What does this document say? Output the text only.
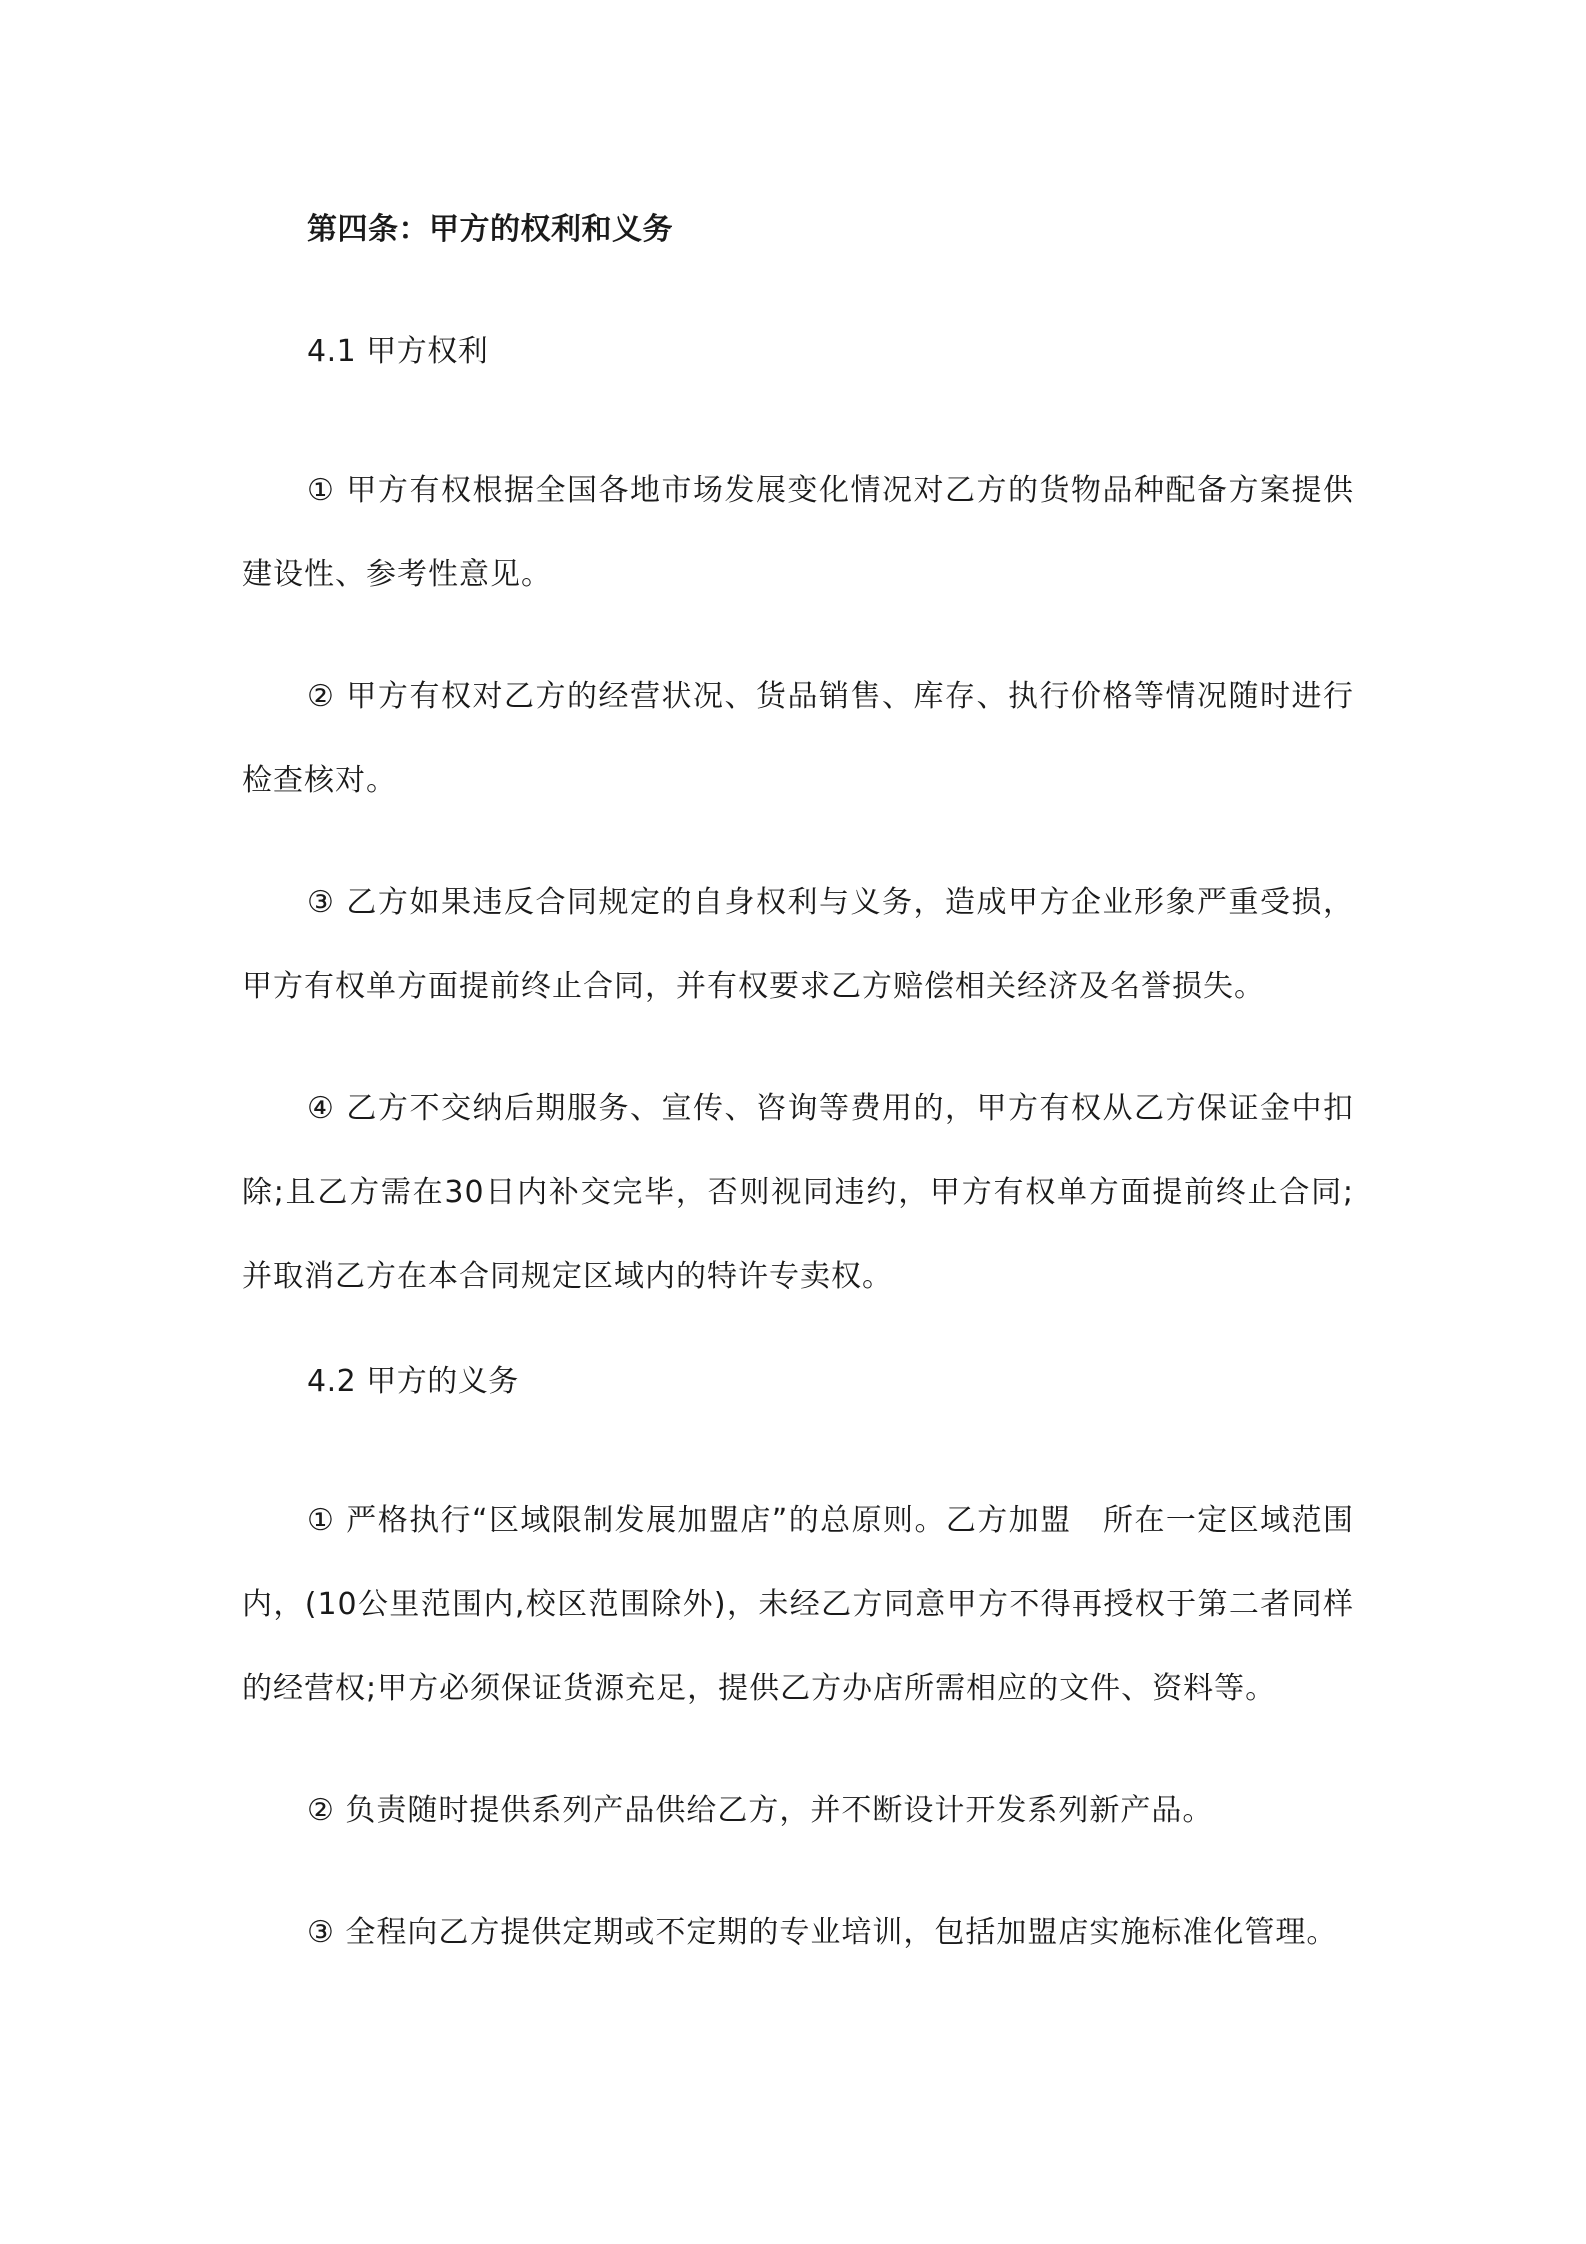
第四条：甲方的权利和义务
4.1 甲方权利

① 甲方有权根据全国各地市场发展变化情况对乙方的货物品种配备方案提供建设性、参考性意见。

② 甲方有权对乙方的经营状况、货品销售、库存、执行价格等情况随时进行检查核对。

③ 乙方如果违反合同规定的自身权利与义务，造成甲方企业形象严重受损，甲方有权单方面提前终止合同，并有权要求乙方赔偿相关经济及名誉损失。

④ 乙方不交纳后期服务、宣传、咨询等费用的，甲方有权从乙方保证金中扣除;且乙方需在30日内补交完毕，否则视同违约，甲方有权单方面提前终止合同;并取消乙方在本合同规定区域内的特许专卖权。

4.2 甲方的义务

① 严格执行“区域限制发展加盟店”的总原则。乙方加盟　所在一定区域范围内，(10公里范围内,校区范围除外)，未经乙方同意甲方不得再授权于第二者同样的经营权;甲方必须保证货源充足，提供乙方办店所需相应的文件、资料等。

② 负责随时提供系列产品供给乙方，并不断设计开发系列新产品。

③ 全程向乙方提供定期或不定期的专业培训，包括加盟店实施标准化管理。
